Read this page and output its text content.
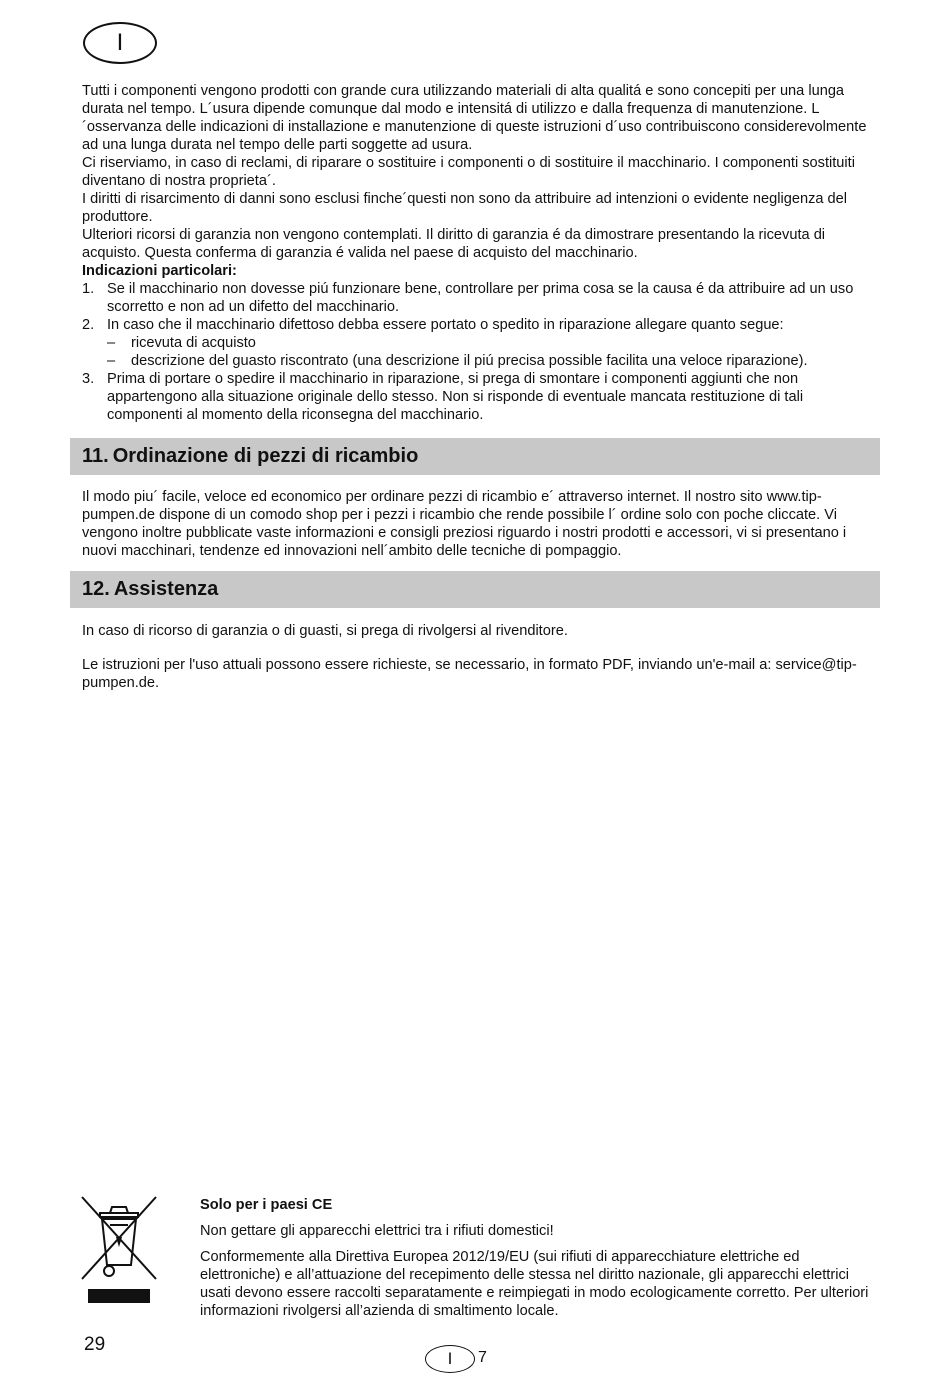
I

Tutti i componenti vengono prodotti con grande cura utilizzando materiali di alta qualitá e sono concepiti per una lunga durata nel tempo. L´usura dipende comunque dal modo e intensitá di utilizzo e dalla frequenza di manutenzione. L´osservanza delle indicazioni di installazione e manutenzione di queste istruzioni d´uso contribuiscono considerevolmente ad una lunga durata nel tempo delle parti soggette ad usura.

Ci riserviamo, in caso di reclami, di riparare o sostituire i componenti o di sostituire il macchinario. I componenti sostituiti diventano di nostra proprieta´.

I diritti di risarcimento di danni sono esclusi finche´questi non sono da attribuire ad intenzioni o evidente negligenza del produttore.

Ulteriori ricorsi di garanzia non vengono contemplati. Il diritto di garanzia é da dimostrare presentando la ricevuta di acquisto. Questa conferma di garanzia é valida nel paese di acquisto del macchinario.

Indicazioni particolari:

1. Se il macchinario non dovesse piú funzionare bene, controllare per prima cosa se la causa é da attribuire ad un uso scorretto e non ad un difetto del macchinario.
2. In caso che il macchinario difettoso debba essere portato o spedito in riparazione allegare quanto segue:
– ricevuta di acquisto
– descrizione del guasto riscontrato (una descrizione il piú precisa possible facilita una veloce riparazione).
3. Prima di portare o spedire il macchinario in riparazione, si prega di smontare i componenti aggiunti che non appartengono alla situazione originale dello stesso. Non si risponde di eventuale mancata restituzione di tali componenti al momento della riconsegna del macchinario.
11. Ordinazione di pezzi di ricambio

Il modo piu´ facile, veloce ed economico per ordinare pezzi di ricambio e´ attraverso internet. Il nostro sito www.tip-pumpen.de dispone di un comodo shop per i pezzi i ricambio che rende possibile l´ ordine solo con poche cliccate. Vi vengono inoltre pubblicate vaste informazioni e consigli preziosi riguardo i nostri prodotti e accessori, vi si presentano i nuovi macchinari, tendenze ed innovazioni nell´ambito delle tecniche di pompaggio.

12. Assistenza

In caso di ricorso di garanzia o di guasti, si prega di rivolgersi al rivenditore.

Le istruzioni per l'uso attuali possono essere richieste, se necessario, in formato PDF, inviando un'e-mail a: service@tip-pumpen.de.

Solo per i paesi CE

Non gettare gli apparecchi elettrici tra i rifiuti domestici!

Conformemente alla Direttiva Europea 2012/19/EU (sui rifiuti di apparecchiature elettriche ed elettroniche) e all’attuazione del recepimento delle stessa nel diritto nazionale, gli apparecchi elettrici usati devono essere raccolti separatamente e reimpiegati in modo ecologicamente corretto. Per ulteriori informazioni rivolgersi all’azienda di smaltimento locale.

29
I	7
